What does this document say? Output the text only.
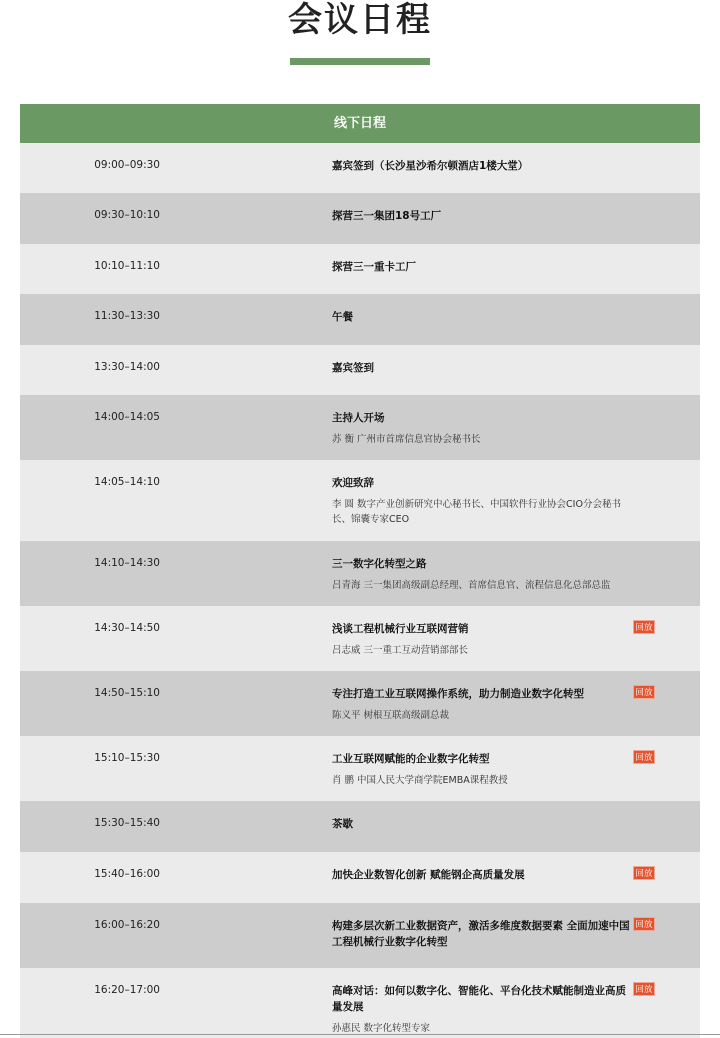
会议日程
线下日程
09:00–09:30	嘉宾签到（长沙星沙希尔顿酒店1楼大堂）
09:30–10:10	探营三一集团18号工厂
10:10–11:10	探营三一重卡工厂
11:30–13:30	午餐
13:30–14:00	嘉宾签到
14:00–14:05	主持人开场
苏 衡 广州市首席信息官协会秘书长
14:05–14:10	欢迎致辞
李 圆 数字产业创新研究中心秘书长、中国软件行业协会CIO分会秘书长、锦囊专家CEO
14:10–14:30	三一数字化转型之路
吕青海 三一集团高级副总经理、首席信息官、流程信息化总部总监
14:30–14:50	浅谈工程机械行业互联网营销
吕志威 三一重工互动营销部部长
回放
14:50–15:10	专注打造工业互联网操作系统，助力制造业数字化转型
陈义平 树根互联高级副总裁
回放
15:10–15:30	工业互联网赋能的企业数字化转型
肖 鹏 中国人民大学商学院EMBA课程教授
回放
15:30–15:40	茶歇
15:40–16:00	加快企业数智化创新 赋能钢企高质量发展	回放
16:00–16:20	构建多层次新工业数据资产，激活多维度数据要素 全面加速中国工程机械行业数字化转型
回放
16:20–17:00	高峰对话：如何以数字化、智能化、平台化技术赋能制造业高质量发展
孙惠民 数字化转型专家
回放
